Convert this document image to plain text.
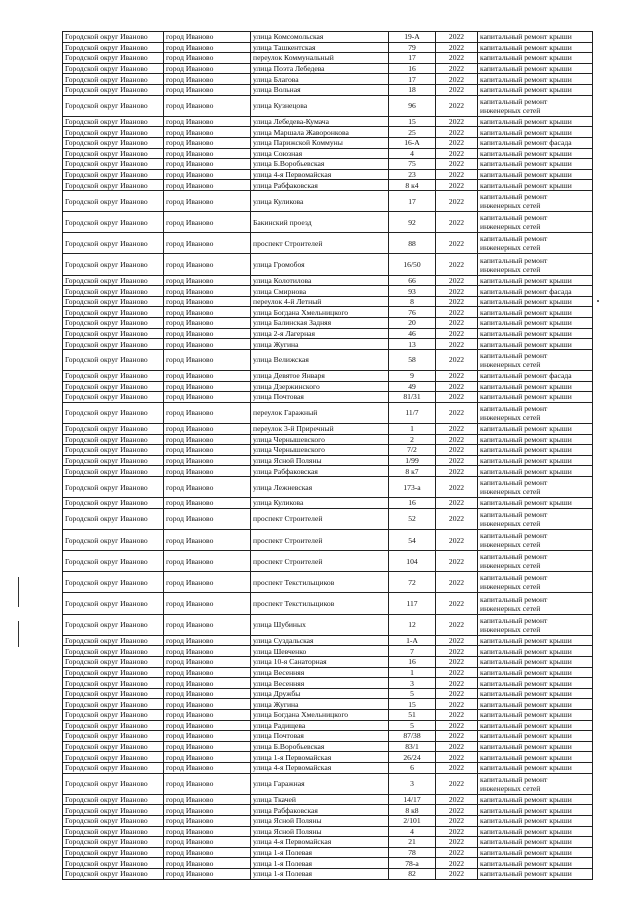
Городской округ Иваново	город Иваново	улица Комсомольская	19-А	2022	капитальный ремонт крыши
Городской округ Иваново	город Иваново	улица Ташкентская	79	2022	капитальный ремонт крыши
Городской округ Иваново	город Иваново	переулок Коммунальный	17	2022	капитальный ремонт крыши
Городской округ Иваново	город Иваново	улица Поэта Лебедева	16	2022	капитальный ремонт крыши
Городской округ Иваново	город Иваново	улица Благова	17	2022	капитальный ремонт крыши
Городской округ Иваново	город Иваново	улица Вольная	18	2022	капитальный ремонт крыши
Городской округ Иваново	город Иваново	улица Кузнецова	96	2022	капитальный ремонт инженерных сетей
Городской округ Иваново	город Иваново	улица Лебедева-Кумача	15	2022	капитальный ремонт крыши
Городской округ Иваново	город Иваново	улица Маршала Жаворонкова	25	2022	капитальный ремонт крыши
Городской округ Иваново	город Иваново	улица Парижской Коммуны	16-А	2022	капитальный ремонт фасада
Городской округ Иваново	город Иваново	улица Союзная	4	2022	капитальный ремонт крыши
Городской округ Иваново	город Иваново	улица Б.Воробьевская	75	2022	капитальный ремонт крыши
Городской округ Иваново	город Иваново	улица 4-я Первомайская	23	2022	капитальный ремонт крыши
Городской округ Иваново	город Иваново	улица Рабфаковская	8 к4	2022	капитальный ремонт крыши
Городской округ Иваново	город Иваново	улица Куликова	17	2022	капитальный ремонт инженерных сетей
Городской округ Иваново	город Иваново	Бакинский проезд	92	2022	капитальный ремонт инженерных сетей
Городской округ Иваново	город Иваново	проспект Строителей	88	2022	капитальный ремонт инженерных сетей
Городской округ Иваново	город Иваново	улица Громобоя	16/50	2022	капитальный ремонт инженерных сетей
Городской округ Иваново	город Иваново	улица Колотилова	66	2022	капитальный ремонт крыши
Городской округ Иваново	город Иваново	улица Смирнова	93	2022	капитальный ремонт фасада
Городской округ Иваново	город Иваново	переулок 4-й Летный	8	2022	капитальный ремонт крыши
Городской округ Иваново	город Иваново	улица Богдана Хмельницкого	76	2022	капитальный ремонт крыши
Городской округ Иваново	город Иваново	улица Балинская Задняя	20	2022	капитальный ремонт крыши
Городской округ Иваново	город Иваново	улица 2-я Лагерная	46	2022	капитальный ремонт крыши
Городской округ Иваново	город Иваново	улица Жугина	13	2022	капитальный ремонт крыши
Городской округ Иваново	город Иваново	улица Велижская	58	2022	капитальный ремонт инженерных сетей
Городской округ Иваново	город Иваново	улица Девятое Января	9	2022	капитальный ремонт фасада
Городской округ Иваново	город Иваново	улица Дзержинского	49	2022	капитальный ремонт крыши
Городской округ Иваново	город Иваново	улица Почтовая	81/31	2022	капитальный ремонт крыши
Городской округ Иваново	город Иваново	переулок Гаражный	11/7	2022	капитальный ремонт инженерных сетей
Городской округ Иваново	город Иваново	переулок 3-й Приречный	1	2022	капитальный ремонт крыши
Городской округ Иваново	город Иваново	улица Чернышевского	2	2022	капитальный ремонт крыши
Городской округ Иваново	город Иваново	улица Чернышевского	7/2	2022	капитальный ремонт крыши
Городской округ Иваново	город Иваново	улица Ясной Поляны	1/99	2022	капитальный ремонт крыши
Городской округ Иваново	город Иваново	улица Рабфаковская	8 к7	2022	капитальный ремонт крыши
Городской округ Иваново	город Иваново	улица Лежневская	173-а	2022	капитальный ремонт инженерных сетей
Городской округ Иваново	город Иваново	улица Куликова	16	2022	капитальный ремонт крыши
Городской округ Иваново	город Иваново	проспект Строителей	52	2022	капитальный ремонт инженерных сетей
Городской округ Иваново	город Иваново	проспект Строителей	54	2022	капитальный ремонт инженерных сетей
Городской округ Иваново	город Иваново	проспект Строителей	104	2022	капитальный ремонт инженерных сетей
Городской округ Иваново	город Иваново	проспект Текстильщиков	72	2022	капитальный ремонт инженерных сетей
Городской округ Иваново	город Иваново	проспект Текстильщиков	117	2022	капитальный ремонт инженерных сетей
Городской округ Иваново	город Иваново	улица Шубиных	12	2022	капитальный ремонт инженерных сетей
Городской округ Иваново	город Иваново	улица Суздальская	1-А	2022	капитальный ремонт крыши
Городской округ Иваново	город Иваново	улица Шевченко	7	2022	капитальный ремонт крыши
Городской округ Иваново	город Иваново	улица 10-я Санаторная	16	2022	капитальный ремонт крыши
Городской округ Иваново	город Иваново	улица Весенняя	1	2022	капитальный ремонт крыши
Городской округ Иваново	город Иваново	улица Весенняя	3	2022	капитальный ремонт крыши
Городской округ Иваново	город Иваново	улица Дружбы	5	2022	капитальный ремонт крыши
Городской округ Иваново	город Иваново	улица Жугина	15	2022	капитальный ремонт крыши
Городской округ Иваново	город Иваново	улица Богдана Хмельницкого	51	2022	капитальный ремонт крыши
Городской округ Иваново	город Иваново	улица Радищева	5	2022	капитальный ремонт крыши
Городской округ Иваново	город Иваново	улица Почтовая	87/38	2022	капитальный ремонт крыши
Городской округ Иваново	город Иваново	улица Б.Воробьевская	83/1	2022	капитальный ремонт крыши
Городской округ Иваново	город Иваново	улица 1-я Первомайская	26/24	2022	капитальный ремонт крыши
Городской округ Иваново	город Иваново	улица 4-я Первомайская	6	2022	капитальный ремонт крыши
Городской округ Иваново	город Иваново	улица Гаражная	3	2022	капитальный ремонт инженерных сетей
Городской округ Иваново	город Иваново	улица Ткачей	14/17	2022	капитальный ремонт крыши
Городской округ Иваново	город Иваново	улица Рабфаковская	8 к8	2022	капитальный ремонт крыши
Городской округ Иваново	город Иваново	улица Ясной Поляны	2/101	2022	капитальный ремонт крыши
Городской округ Иваново	город Иваново	улица Ясной Поляны	4	2022	капитальный ремонт крыши
Городской округ Иваново	город Иваново	улица 4-я Первомайская	21	2022	капитальный ремонт крыши
Городской округ Иваново	город Иваново	улица 1-я Полевая	78	2022	капитальный ремонт крыши
Городской округ Иваново	город Иваново	улица 1-я Полевая	78-а	2022	капитальный ремонт крыши
Городской округ Иваново	город Иваново	улица 1-я Полевая	82	2022	капитальный ремонт крыши
